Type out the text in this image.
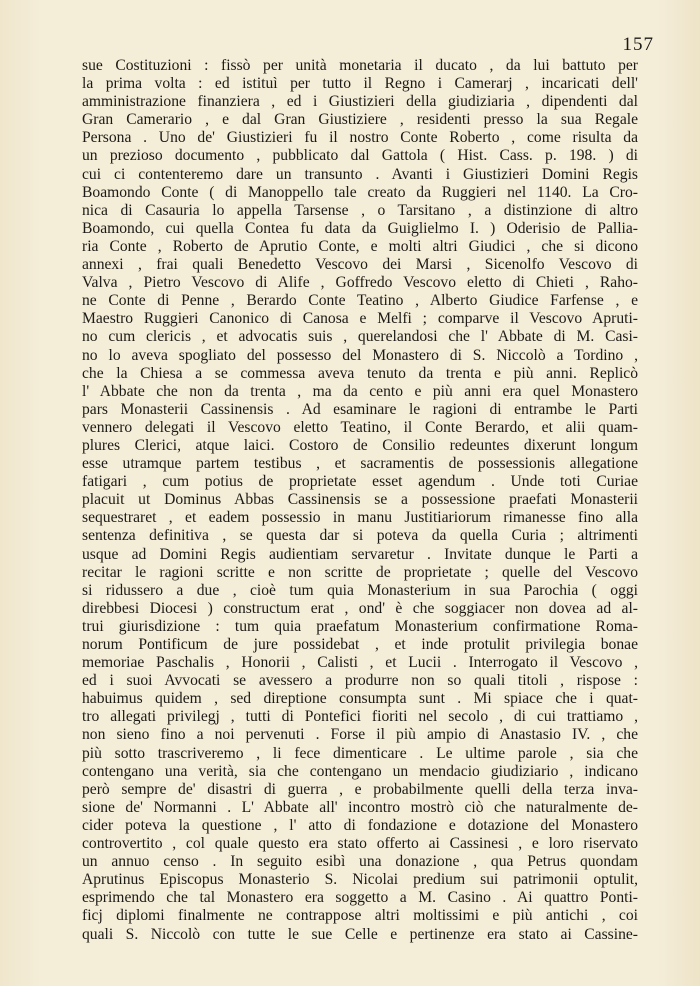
157
sue Costituzioni : fissò per unità monetaria il ducato , da lui battuto per
la prima volta : ed istituì per tutto il Regno i Camerarj , incaricati dell'
amministrazione finanziera , ed i Giustizieri della giudiziaria , dipendenti dal
Gran Camerario , e dal Gran Giustiziere , residenti presso la sua Regale
Persona . Uno de' Giustizieri fu il nostro Conte Roberto , come risulta da
un prezioso documento , pubblicato dal Gattola ( Hist. Cass. p. 198. ) di
cui ci contenteremo dare un transunto . Avanti i Giustizieri Domini Regis
Boamondo Conte ( di Manoppello tale creato da Ruggieri nel 1140. La Cro-
nica di Casauria lo appella Tarsense , o Tarsitano , a distinzione di altro
Boamondo, cui quella Contea fu data da Guiglielmo I. ) Oderisio de Pallia-
ria Conte , Roberto de Aprutio Conte, e molti altri Giudici , che si dicono
annexi , frai quali Benedetto Vescovo dei Marsi , Sicenolfo Vescovo di
Valva , Pietro Vescovo di Alife , Goffredo Vescovo eletto di Chieti , Raho-
ne Conte di Penne , Berardo Conte Teatino , Alberto Giudice Farfense , e
Maestro Ruggieri Canonico di Canosa e Melfi ; comparve il Vescovo Apruti-
no cum clericis , et advocatis suis , querelandosi che l' Abbate di M. Casi-
no lo aveva spogliato del possesso del Monastero di S. Niccolò a Tordino ,
che la Chiesa a se commessa aveva tenuto da trenta e più anni. Replicò
l' Abbate che non da trenta , ma da cento e più anni era quel Monastero
pars Monasterii Cassinensis . Ad esaminare le ragioni di entrambe le Parti
vennero delegati il Vescovo eletto Teatino, il Conte Berardo, et alii quam-
plures Clerici, atque laici. Costoro de Consilio redeuntes dixerunt longum
esse utramque partem testibus , et sacramentis de possessionis allegatione
fatigari , cum potius de proprietate esset agendum . Unde toti Curiae
placuit ut Dominus Abbas Cassinensis se a possessione praefati Monasterii
sequestraret , et eadem possessio in manu Justitiariorum rimanesse fino alla
sentenza definitiva , se questa dar si poteva da quella Curia ; altrimenti
usque ad Domini Regis audientiam servaretur . Invitate dunque le Parti a
recitar le ragioni scritte e non scritte de proprietate ; quelle del Vescovo
si ridussero a due , cioè tum quia Monasterium in sua Parochia ( oggi
direbbesi Diocesi ) constructum erat , ond' è che soggiacer non dovea ad al-
trui giurisdizione : tum quia praefatum Monasterium confirmatione Roma-
norum Pontificum de jure possidebat , et inde protulit privilegia bonae
memoriae Paschalis , Honorii , Calisti , et Lucii . Interrogato il Vescovo ,
ed i suoi Avvocati se avessero a produrre non so quali titoli , rispose :
habuimus quidem , sed direptione consumpta sunt . Mi spiace che i quat-
tro allegati privilegj , tutti di Pontefici fioriti nel secolo , di cui trattiamo ,
non sieno fino a noi pervenuti . Forse il più ampio di Anastasio IV. , che
più sotto trascriveremo , li fece dimenticare . Le ultime parole , sia che
contengano una verità, sia che contengano un mendacio giudiziario , indicano
però sempre de' disastri di guerra , e probabilmente quelli della terza inva-
sione de' Normanni . L' Abbate all' incontro mostrò ciò che naturalmente de-
cider poteva la questione , l' atto di fondazione e dotazione del Monastero
controvertito , col quale questo era stato offerto ai Cassinesi , e loro riservato
un annuo censo . In seguito esibì una donazione , qua Petrus quondam
Aprutinus Episcopus Monasterio S. Nicolai predium sui patrimonii optulit,
esprimendo che tal Monastero era soggetto a M. Casino . Ai quattro Ponti-
ficj diplomi finalmente ne contrappose altri moltissimi e più antichi , coi
quali S. Niccolò con tutte le sue Celle e pertinenze era stato ai Cassine-
